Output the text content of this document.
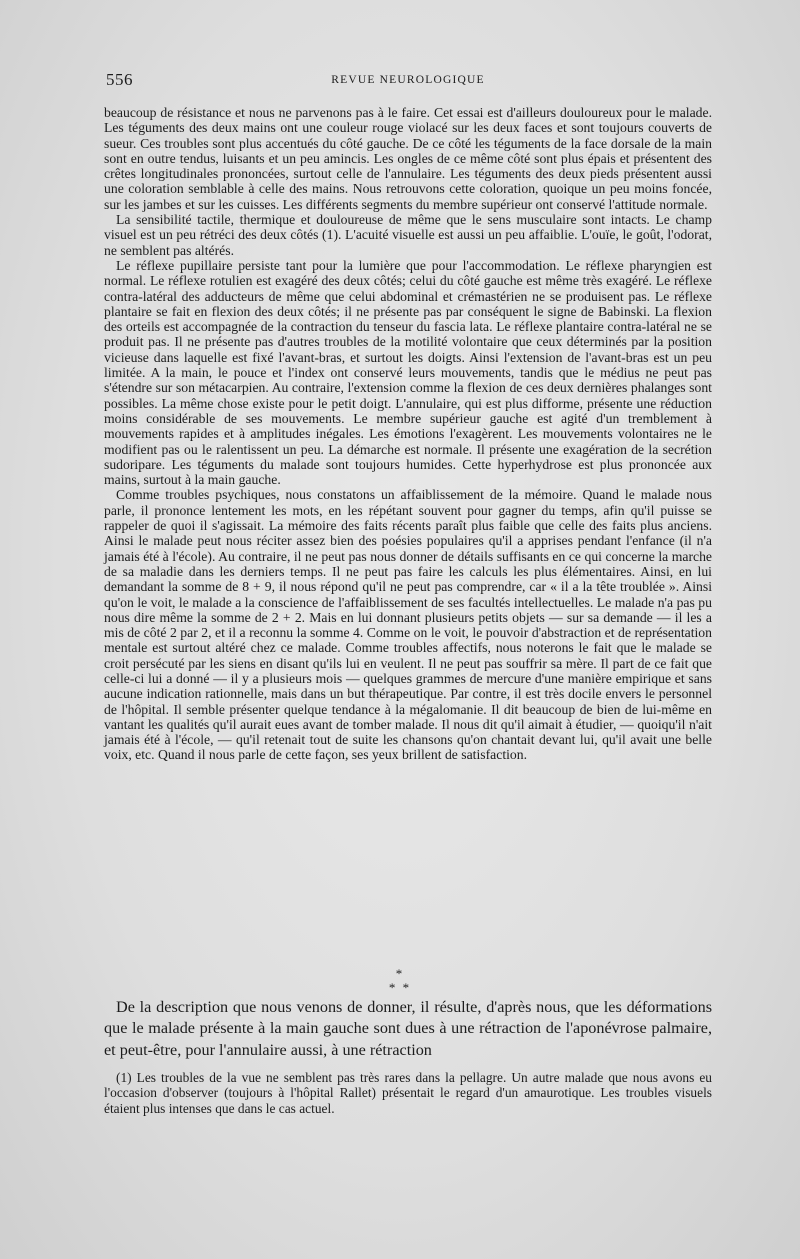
556	REVUE NEUROLOGIQUE

beaucoup de résistance et nous ne parvenons pas à le faire. Cet essai est d'ailleurs douloureux pour le malade. Les téguments des deux mains ont une couleur rouge violacé sur les deux faces et sont toujours couverts de sueur. Ces troubles sont plus accentués du côté gauche. De ce côté les téguments de la face dorsale de la main sont en outre tendus, luisants et un peu amincis. Les ongles de ce même côté sont plus épais et présentent des crêtes longitudinales prononcées, surtout celle de l'annulaire. Les téguments des deux pieds présentent aussi une coloration semblable à celle des mains. Nous retrouvons cette coloration, quoique un peu moins foncée, sur les jambes et sur les cuisses. Les différents segments du membre supérieur ont conservé l'attitude normale.

La sensibilité tactile, thermique et douloureuse de même que le sens musculaire sont intacts. Le champ visuel est un peu rétréci des deux côtés (1). L'acuité visuelle est aussi un peu affaiblie. L'ouïe, le goût, l'odorat, ne semblent pas altérés.

Le réflexe pupillaire persiste tant pour la lumière que pour l'accommodation. Le réflexe pharyngien est normal. Le réflexe rotulien est exagéré des deux côtés; celui du côté gauche est même très exagéré. Le réflexe contra-latéral des adducteurs de même que celui abdominal et crémastérien ne se produisent pas. Le réflexe plantaire se fait en flexion des deux côtés; il ne présente pas par conséquent le signe de Babinski. La flexion des orteils est accompagnée de la contraction du tenseur du fascia lata. Le réflexe plantaire contra-latéral ne se produit pas. Il ne présente pas d'autres troubles de la motilité volontaire que ceux déterminés par la position vicieuse dans laquelle est fixé l'avant-bras, et surtout les doigts. Ainsi l'extension de l'avant-bras est un peu limitée. A la main, le pouce et l'index ont conservé leurs mouvements, tandis que le médius ne peut pas s'étendre sur son métacarpien. Au contraire, l'extension comme la flexion de ces deux dernières phalanges sont possibles. La même chose existe pour le petit doigt. L'annulaire, qui est plus difforme, présente une réduction moins considérable de ses mouvements. Le membre supérieur gauche est agité d'un tremblement à mouvements rapides et à amplitudes inégales. Les émotions l'exagèrent. Les mouvements volontaires ne le modifient pas ou le ralentissent un peu. La démarche est normale. Il présente une exagération de la secrétion sudoripare. Les téguments du malade sont toujours humides. Cette hyperhydrose est plus prononcée aux mains, surtout à la main gauche.

Comme troubles psychiques, nous constatons un affaiblissement de la mémoire. Quand le malade nous parle, il prononce lentement les mots, en les répétant souvent pour gagner du temps, afin qu'il puisse se rappeler de quoi il s'agissait. La mémoire des faits récents paraît plus faible que celle des faits plus anciens. Ainsi le malade peut nous réciter assez bien des poésies populaires qu'il a apprises pendant l'enfance (il n'a jamais été à l'école). Au contraire, il ne peut pas nous donner de détails suffisants en ce qui concerne la marche de sa maladie dans les derniers temps. Il ne peut pas faire les calculs les plus élémentaires. Ainsi, en lui demandant la somme de 8 + 9, il nous répond qu'il ne peut pas comprendre, car « il a la tête troublée ». Ainsi qu'on le voit, le malade a la conscience de l'affaiblissement de ses facultés intellectuelles. Le malade n'a pas pu nous dire même la somme de 2 + 2. Mais en lui donnant plusieurs petits objets — sur sa demande — il les a mis de côté 2 par 2, et il a reconnu la somme 4. Comme on le voit, le pouvoir d'abstraction et de représentation mentale est surtout altéré chez ce malade. Comme troubles affectifs, nous noterons le fait que le malade se croit persécuté par les siens en disant qu'ils lui en veulent. Il ne peut pas souffrir sa mère. Il part de ce fait que celle-ci lui a donné — il y a plusieurs mois — quelques grammes de mercure d'une manière empirique et sans aucune indication rationnelle, mais dans un but thérapeutique. Par contre, il est très docile envers le personnel de l'hôpital. Il semble présenter quelque tendance à la mégalomanie. Il dit beaucoup de bien de lui-même en vantant les qualités qu'il aurait eues avant de tomber malade. Il nous dit qu'il aimait à étudier, — quoiqu'il n'ait jamais été à l'école, — qu'il retenait tout de suite les chansons qu'on chantait devant lui, qu'il avait une belle voix, etc. Quand il nous parle de cette façon, ses yeux brillent de satisfaction.

*
* *

De la description que nous venons de donner, il résulte, d'après nous, que les déformations que le malade présente à la main gauche sont dues à une rétraction de l'aponévrose palmaire, et peut-être, pour l'annulaire aussi, à une rétraction

(1) Les troubles de la vue ne semblent pas très rares dans la pellagre. Un autre malade que nous avons eu l'occasion d'observer (toujours à l'hôpital Rallet) présentait le regard d'un amaurotique. Les troubles visuels étaient plus intenses que dans le cas actuel.
